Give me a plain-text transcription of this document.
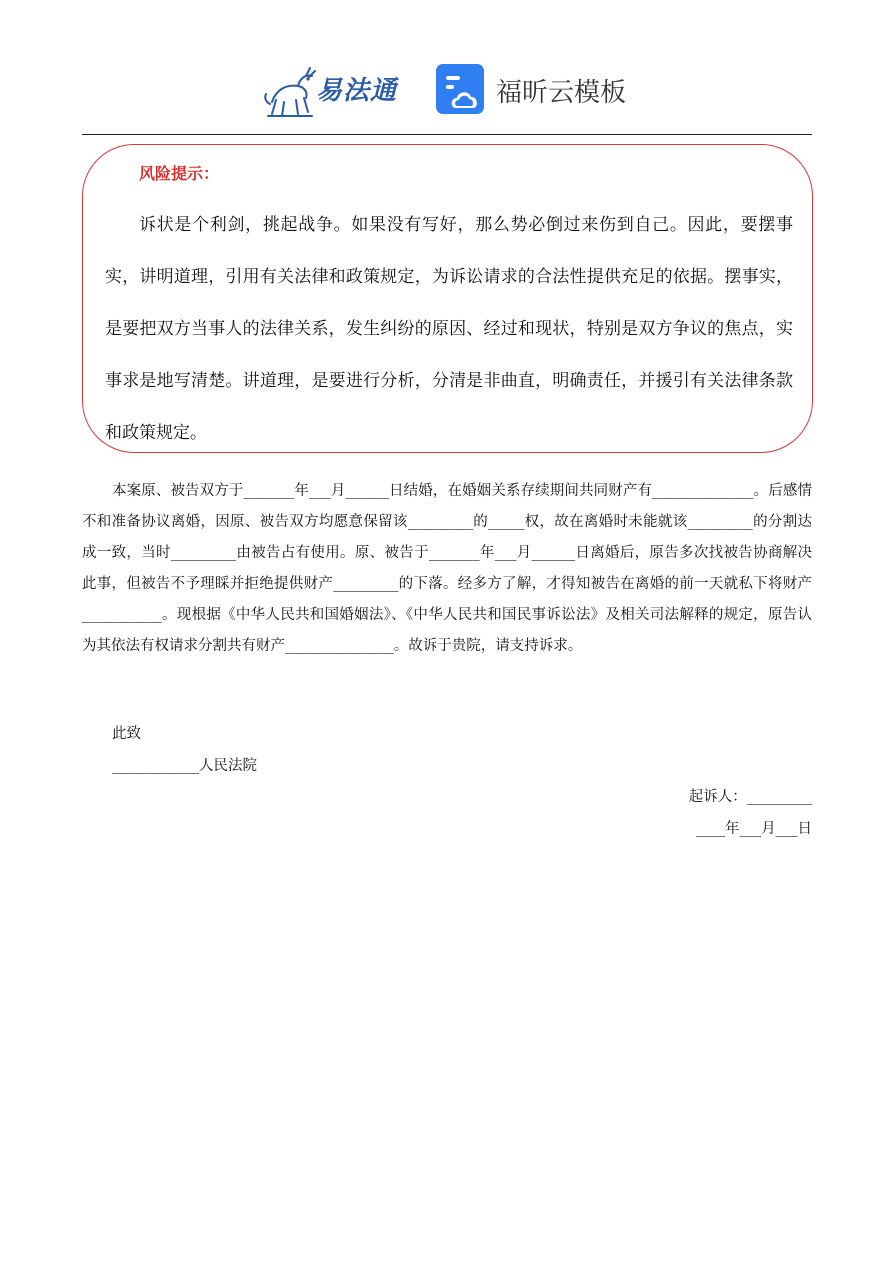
易法通	福昕云模板
风险提示：
诉状是个利剑，挑起战争。如果没有写好，那么势必倒过来伤到自己。因此，要摆事实，讲明道理，引用有关法律和政策规定，为诉讼请求的合法性提供充足的依据。摆事实，是要把双方当事人的法律关系，发生纠纷的原因、经过和现状，特别是双方争议的焦点，实事求是地写清楚。讲道理，是要进行分析，分清是非曲直，明确责任，并援引有关法律条款和政策规定。
本案原、被告双方于_______年___月______日结婚，在婚姻关系存续期间共同财产有______________。后感情不和准备协议离婚，因原、被告双方均愿意保留该_________的_____权，故在离婚时未能就该_________的分割达成一致，当时_________由被告占有使用。原、被告于_______年___月______日离婚后，原告多次找被告协商解决此事，但被告不予理睬并拒绝提供财产_________的下落。经多方了解，才得知被告在离婚的前一天就私下将财产___________。现根据《中华人民共和国婚姻法》、《中华人民共和国民事诉讼法》及相关司法解释的规定，原告认为其依法有权请求分割共有财产_______________。故诉于贵院，请支持诉求。
此致
____________人民法院
起诉人：_________
____年___月___日
